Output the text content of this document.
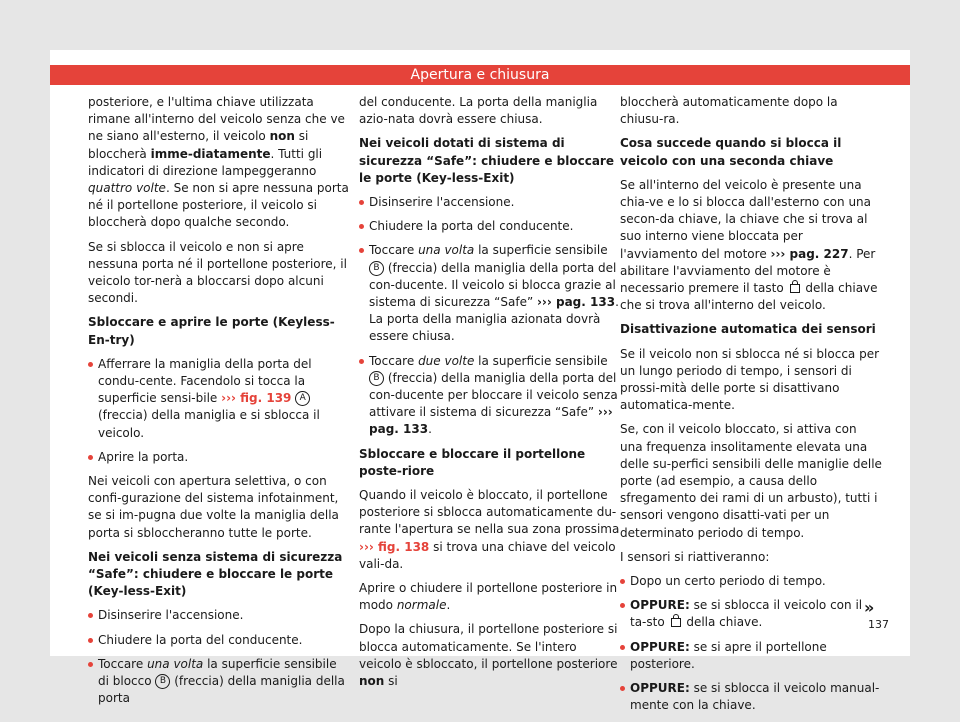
Apertura e chiusura

posteriore, e l'ultima chiave utilizzata rimane all'interno del veicolo senza che ve ne siano all'esterno, il veicolo non si bloccherà imme-diatamente. Tutti gli indicatori di direzione lampeggeranno quattro volte. Se non si apre nessuna porta né il portellone posteriore, il veicolo si bloccherà dopo qualche secondo.

Se si sblocca il veicolo e non si apre nessuna porta né il portellone posteriore, il veicolo tor-nerà a bloccarsi dopo alcuni secondi.

Sbloccare e aprire le porte (Keyless-En-try)

Afferrare la maniglia della porta del condu-cente. Facendolo si tocca la superficie sensi-bile ››› fig. 139 A (freccia) della maniglia e si sblocca il veicolo.

Aprire la porta.

Nei veicoli con apertura selettiva, o con confi-gurazione del sistema infotainment, se si im-pugna due volte la maniglia della porta si sbloccheranno tutte le porte.

Nei veicoli senza sistema di sicurezza “Safe”: chiudere e bloccare le porte (Key-less-Exit)

Disinserire l'accensione.

Chiudere la porta del conducente.

Toccare una volta la superficie sensibile di blocco B (freccia) della maniglia della porta

del conducente. La porta della maniglia azio-nata dovrà essere chiusa.

Nei veicoli dotati di sistema di sicurezza “Safe”: chiudere e bloccare le porte (Key-less-Exit)

Disinserire l'accensione.

Chiudere la porta del conducente.

Toccare una volta la superficie sensibile B (freccia) della maniglia della porta del con-ducente. Il veicolo si blocca grazie al sistema di sicurezza “Safe” ››› pag. 133. La porta della maniglia azionata dovrà essere chiusa.

Toccare due volte la superficie sensibile B (freccia) della maniglia della porta del con-ducente per bloccare il veicolo senza attivare il sistema di sicurezza “Safe” ››› pag. 133.

Sbloccare e bloccare il portellone poste-riore

Quando il veicolo è bloccato, il portellone posteriore si sblocca automaticamente du-rante l'apertura se nella sua zona prossima ››› fig. 138 si trova una chiave del veicolo vali-da.

Aprire o chiudere il portellone posteriore in modo normale.

Dopo la chiusura, il portellone posteriore si blocca automaticamente. Se l'intero veicolo è sbloccato, il portellone posteriore non si

bloccherà automaticamente dopo la chiusu-ra.

Cosa succede quando si blocca il veicolo con una seconda chiave

Se all'interno del veicolo è presente una chia-ve e lo si blocca dall'esterno con una secon-da chiave, la chiave che si trova al suo interno viene bloccata per l'avviamento del motore ››› pag. 227. Per abilitare l'avviamento del motore è necessario premere il tasto  della chiave che si trova all'interno del veicolo.

Disattivazione automatica dei sensori

Se il veicolo non si sblocca né si blocca per un lungo periodo di tempo, i sensori di prossi-mità delle porte si disattivano automatica-mente.

Se, con il veicolo bloccato, si attiva con una frequenza insolitamente elevata una delle su-perfici sensibili delle maniglie delle porte (ad esempio, a causa dello sfregamento dei rami di un arbusto), tutti i sensori vengono disatti-vati per un determinato periodo di tempo.

I sensori si riattiveranno:

Dopo un certo periodo di tempo.

OPPURE: se si sblocca il veicolo con il ta-sto  della chiave.

OPPURE: se si apre il portellone posteriore.

OPPURE: se si sblocca il veicolo manual-mente con la chiave.

»
137
